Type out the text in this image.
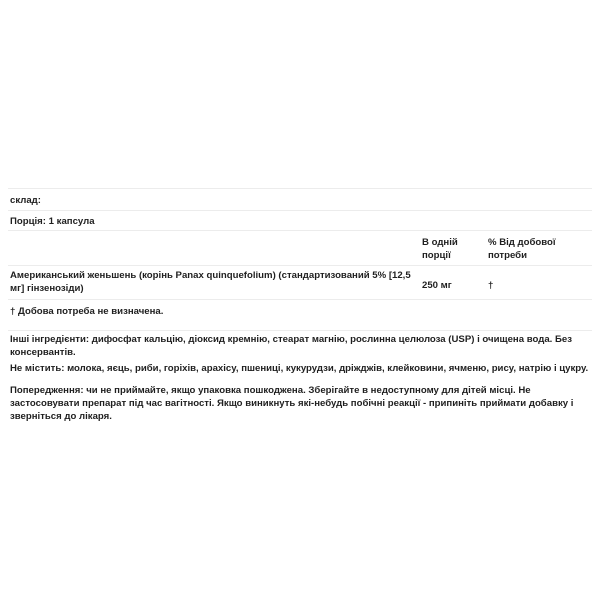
склад:
Порція: 1 капсула
В одній порції
% Від добової потреби
Американський женьшень (корінь Panax quinquefolium) (стандартизований 5% [12,5 мг] гінзенозіди)	250 мг	†
† Добова потреба не визначена.
Інші інгредієнти: дифосфат кальцію, діоксид кремнію, стеарат магнію, рослинна целюлоза (USP) і очищена вода. Без консервантів.
Не містить: молока, яєць, риби, горіхів, арахісу, пшениці, кукурудзи, дріжджів, клейковини, ячменю, рису, натрію і цукру.
Попередження: чи не приймайте, якщо упаковка пошкоджена. Зберігайте в недоступному для дітей місці. Не застосовувати препарат під час вагітності. Якщо виникнуть які-небудь побічні реакції - припиніть приймати добавку і зверніться до лікаря.
